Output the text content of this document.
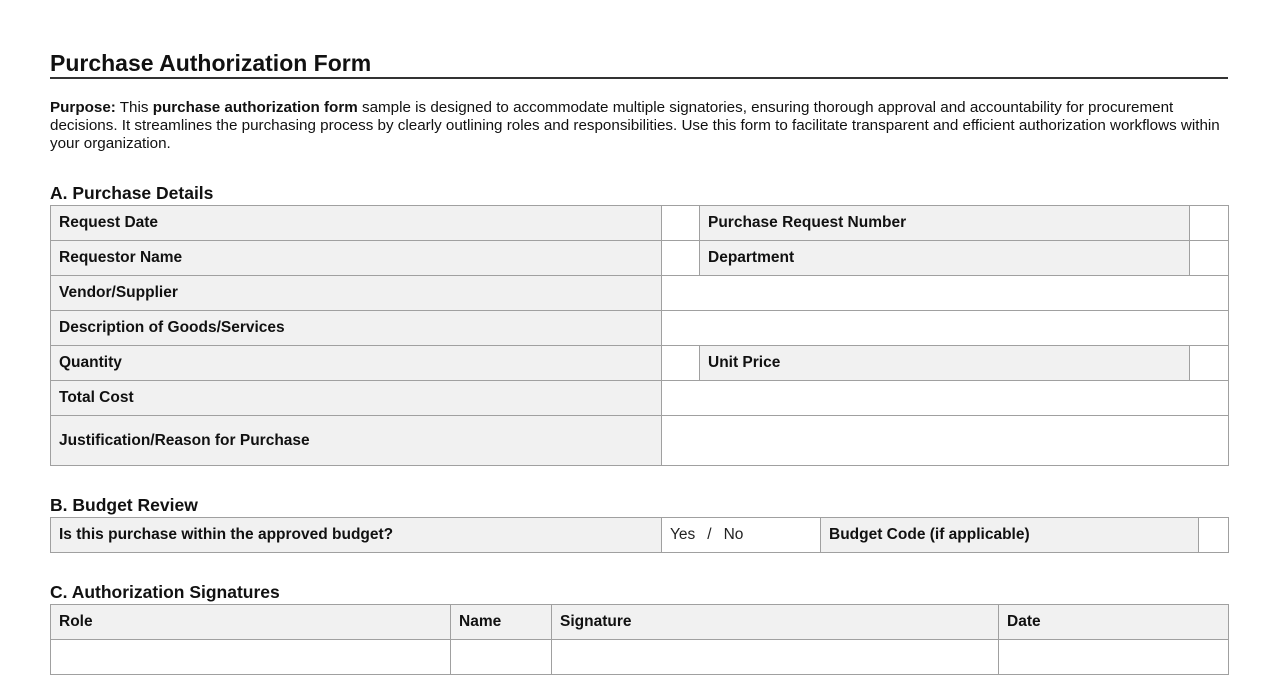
Purchase Authorization Form

Purpose: This purchase authorization form sample is designed to accommodate multiple signatories, ensuring thorough approval and accountability for procurement decisions. It streamlines the purchasing process by clearly outlining roles and responsibilities. Use this form to facilitate transparent and efficient authorization workflows within your organization.

A. Purchase Details
Request Date		Purchase Request Number	
Requestor Name		Department	
Vendor/Supplier			
Description of Goods/Services			
Quantity		Unit Price	
Total Cost			
Justification/Reason for Purchase			
B. Budget Review
Is this purchase within the approved budget?	Yes / No	Budget Code (if applicable)	
C. Authorization Signatures
Role	Name	Signature	Date
